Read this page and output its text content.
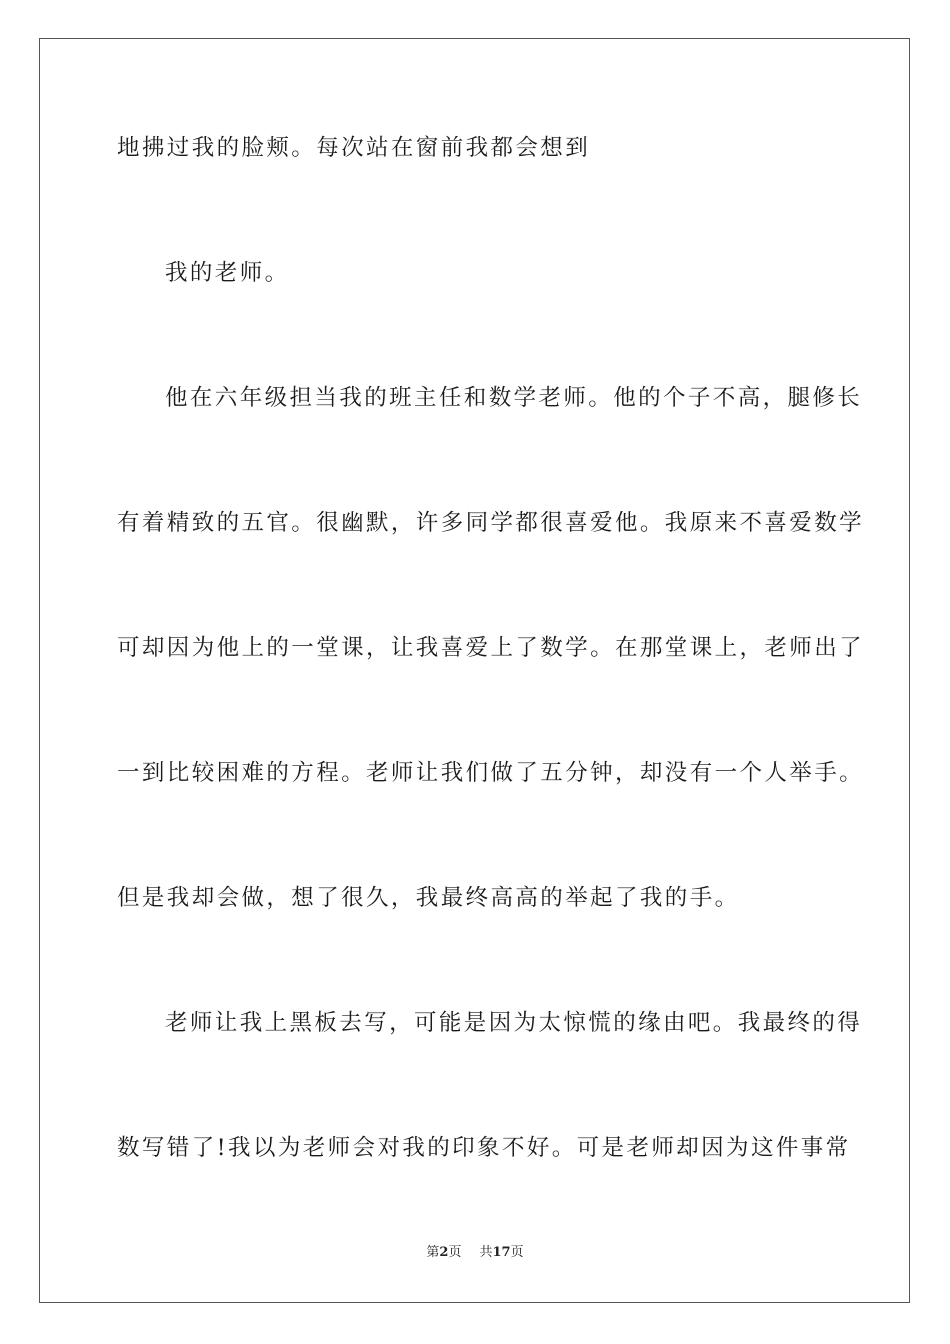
地拂过我的脸颊。每次站在窗前我都会想到

我的老师。

他在六年级担当我的班主任和数学老师。他的个子不高，腿修长

有着精致的五官。很幽默，许多同学都很喜爱他。我原来不喜爱数学

可却因为他上的一堂课，让我喜爱上了数学。在那堂课上，老师出了

一到比较困难的方程。老师让我们做了五分钟，却没有一个人举手。

但是我却会做，想了很久，我最终高高的举起了我的手。

老师让我上黑板去写，可能是因为太惊慌的缘由吧。我最终的得

数写错了!我以为老师会对我的印象不好。可是老师却因为这件事常

第2页 共17页
